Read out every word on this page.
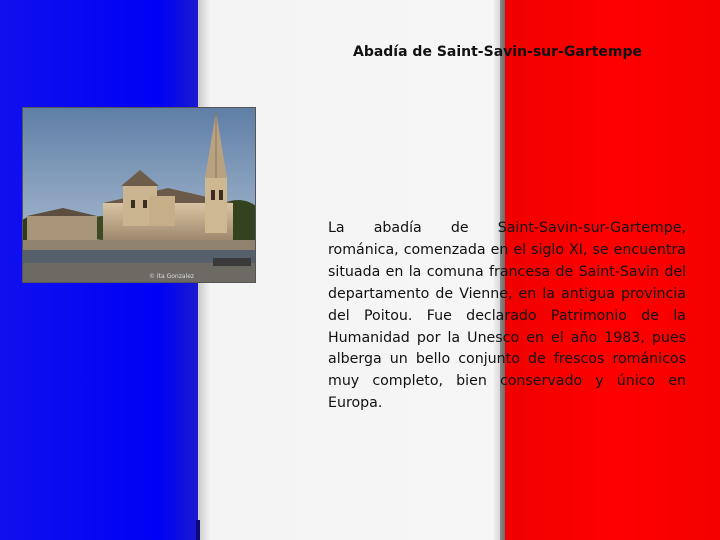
Abadía de Saint-Savin-sur-Gartempe
© Ita Gonzalez
La abadía de Saint-Savin-sur-Gartempe, románica, comenzada en el siglo XI, se encuentra situada en la comuna francesa de Saint-Savin del departamento de Vienne, en la antigua provincia del Poitou. Fue declarado Patrimonio de la Humanidad por la Unesco en el año 1983, pues alberga un bello conjunto de frescos románicos muy completo, bien conservado y único en Europa.
